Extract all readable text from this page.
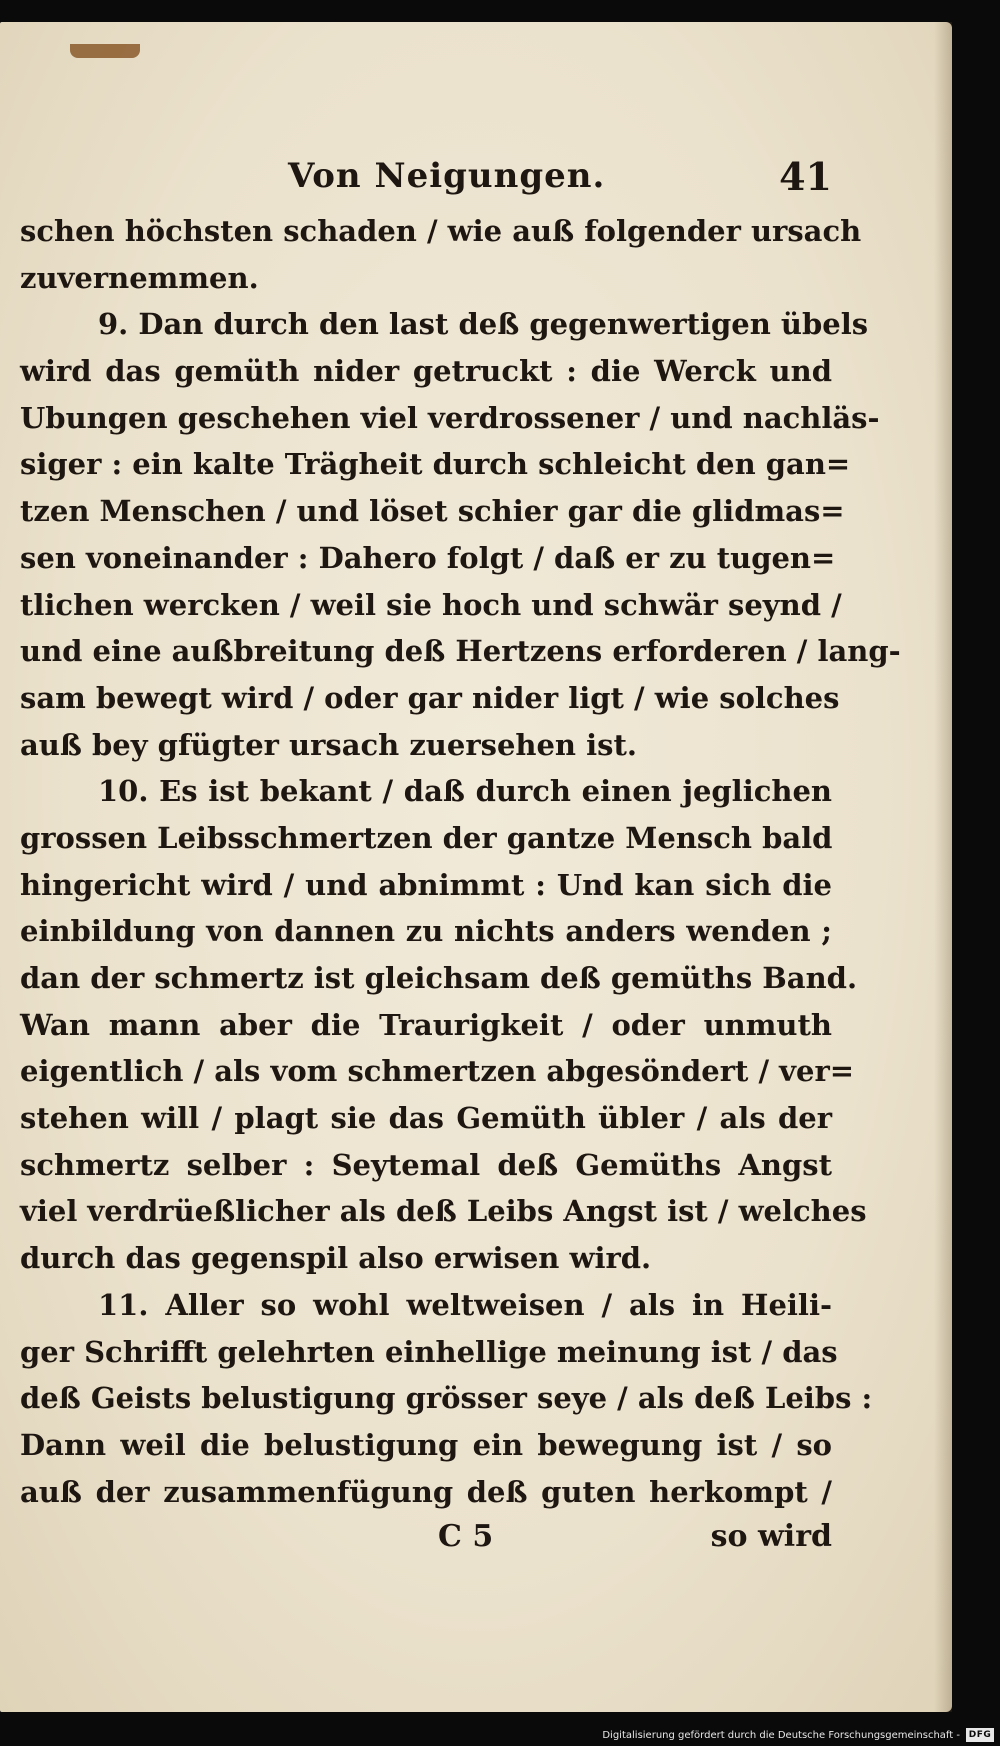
Von Neigungen.	41
schen höchsten schaden / wie auß folgender ursach
zuvernemmen.
9. Dan durch den last deß gegenwertigen übels
wird das gemüth nider getruckt : die Werck und
Ubungen geschehen viel verdrossener / und nachläs-
siger : ein kalte Trägheit durch schleicht den gan=
tzen Menschen / und löset schier gar die glidmas=
sen voneinander : Dahero folgt / daß er zu tugen=
tlichen wercken / weil sie hoch und schwär seynd /
und eine außbreitung deß Hertzens erforderen / lang-
sam bewegt wird / oder gar nider ligt / wie solches
auß bey gfügter ursach zuersehen ist.
10. Es ist bekant / daß durch einen jeglichen
grossen Leibsschmertzen der gantze Mensch bald
hingericht wird / und abnimmt : Und kan sich die
einbildung von dannen zu nichts anders wenden ;
dan der schmertz ist gleichsam deß gemüths Band.
Wan mann aber die Traurigkeit / oder unmuth
eigentlich / als vom schmertzen abgesöndert / ver=
stehen will / plagt sie das Gemüth übler / als der
schmertz selber : Seytemal deß Gemüths Angst
viel verdrüeßlicher als deß Leibs Angst ist / welches
durch das gegenspil also erwisen wird.
11. Aller so wohl weltweisen / als in Heili-
ger Schrifft gelehrten einhellige meinung ist / das
deß Geists belustigung grösser seye / als deß Leibs :
Dann weil die belustigung ein bewegung ist / so
auß der zusammenfügung deß guten herkompt /
C 5	so wird
Digitalisierung gefördert durch die Deutsche Forschungsgemeinschaft - DFG
